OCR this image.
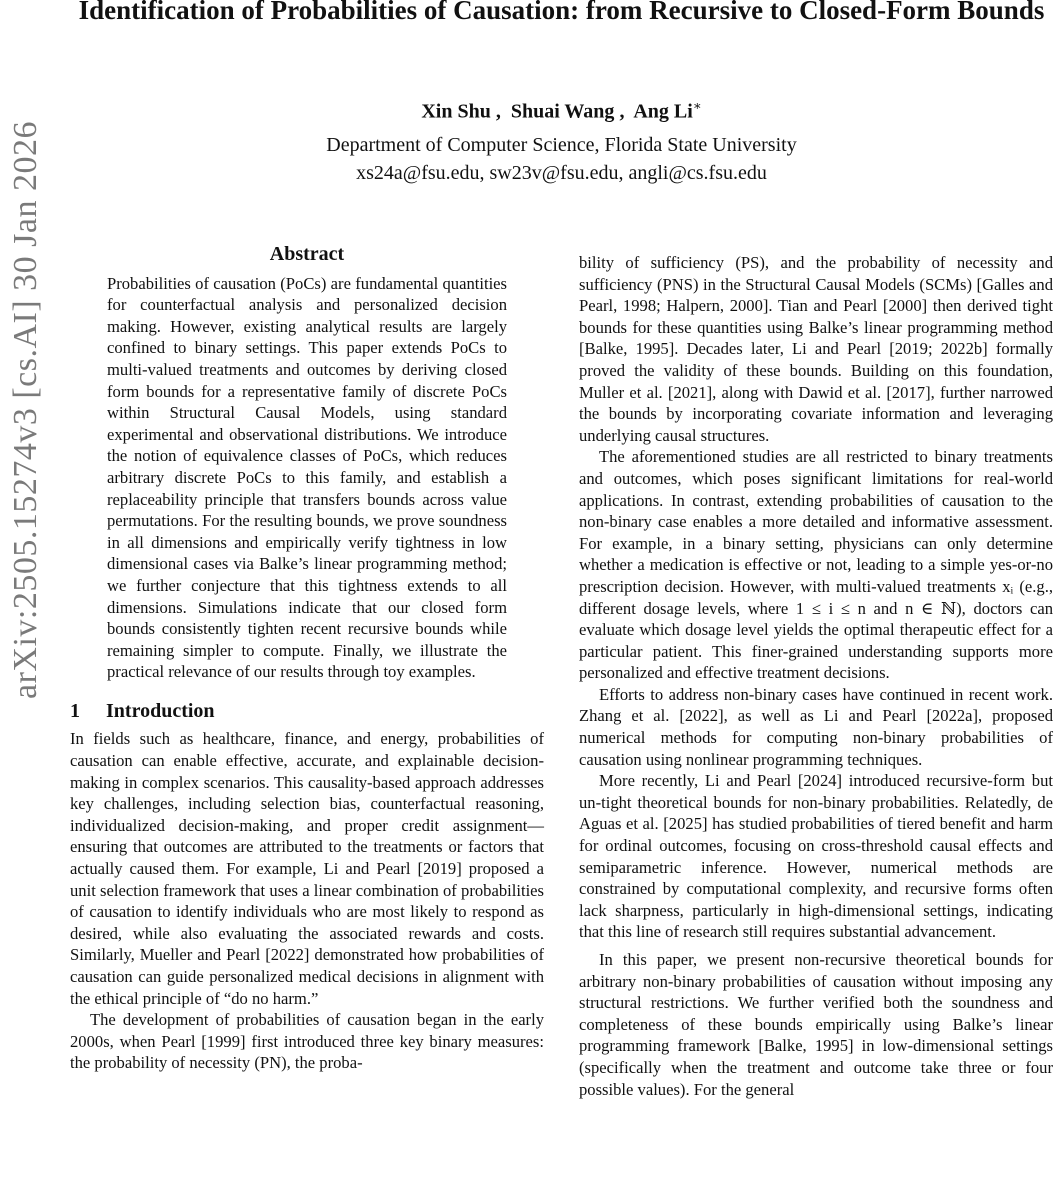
arXiv:2505.15274v3 [cs.AI] 30 Jan 2026
Identification of Probabilities of Causation: from Recursive to Closed-Form Bounds
Xin Shu ,  Shuai Wang ,  Ang Li∗
Department of Computer Science, Florida State University
xs24a@fsu.edu, sw23v@fsu.edu, angli@cs.fsu.edu
Abstract

Probabilities of causation (PoCs) are fundamental quantities for counterfactual analysis and personalized decision making. However, existing analytical results are largely confined to binary settings. This paper extends PoCs to multi-valued treatments and outcomes by deriving closed form bounds for a representative family of discrete PoCs within Structural Causal Models, using standard experimental and observational distributions. We introduce the notion of equivalence classes of PoCs, which reduces arbitrary discrete PoCs to this family, and establish a replaceability principle that transfers bounds across value permutations. For the resulting bounds, we prove soundness in all dimensions and empirically verify tightness in low dimensional cases via Balke’s linear programming method; we further conjecture that this tightness extends to all dimensions. Simulations indicate that our closed form bounds consistently tighten recent recursive bounds while remaining simpler to compute. Finally, we illustrate the practical relevance of our results through toy examples.

1 Introduction

In fields such as healthcare, finance, and energy, probabilities of causation can enable effective, accurate, and explainable decision-making in complex scenarios. This causality-based approach addresses key challenges, including selection bias, counterfactual reasoning, individualized decision-making, and proper credit assignment—ensuring that outcomes are attributed to the treatments or factors that actually caused them. For example, Li and Pearl [2019] proposed a unit selection framework that uses a linear combination of probabilities of causation to identify individuals who are most likely to respond as desired, while also evaluating the associated rewards and costs. Similarly, Mueller and Pearl [2022] demonstrated how probabilities of causation can guide personalized medical decisions in alignment with the ethical principle of “do no harm.”

The development of probabilities of causation began in the early 2000s, when Pearl [1999] first introduced three key binary measures: the probability of necessity (PN), the proba-

bility of sufficiency (PS), and the probability of necessity and sufficiency (PNS) in the Structural Causal Models (SCMs) [Galles and Pearl, 1998; Halpern, 2000]. Tian and Pearl [2000] then derived tight bounds for these quantities using Balke’s linear programming method [Balke, 1995]. Decades later, Li and Pearl [2019; 2022b] formally proved the validity of these bounds. Building on this foundation, Muller et al. [2021], along with Dawid et al. [2017], further narrowed the bounds by incorporating covariate information and leveraging underlying causal structures.

The aforementioned studies are all restricted to binary treatments and outcomes, which poses significant limitations for real-world applications. In contrast, extending probabilities of causation to the non-binary case enables a more detailed and informative assessment. For example, in a binary setting, physicians can only determine whether a medication is effective or not, leading to a simple yes-or-no prescription decision. However, with multi-valued treatments xᵢ (e.g., different dosage levels, where 1 ≤ i ≤ n and n ∈ ℕ), doctors can evaluate which dosage level yields the optimal therapeutic effect for a particular patient. This finer-grained understanding supports more personalized and effective treatment decisions.

Efforts to address non-binary cases have continued in recent work. Zhang et al. [2022], as well as Li and Pearl [2022a], proposed numerical methods for computing non-binary probabilities of causation using nonlinear programming techniques.

More recently, Li and Pearl [2024] introduced recursive-form but un-tight theoretical bounds for non-binary probabilities. Relatedly, de Aguas et al. [2025] has studied probabilities of tiered benefit and harm for ordinal outcomes, focusing on cross-threshold causal effects and semiparametric inference. However, numerical methods are constrained by computational complexity, and recursive forms often lack sharpness, particularly in high-dimensional settings, indicating that this line of research still requires substantial advancement.

In this paper, we present non-recursive theoretical bounds for arbitrary non-binary probabilities of causation without imposing any structural restrictions. We further verified both the soundness and completeness of these bounds empirically using Balke’s linear programming framework [Balke, 1995] in low-dimensional settings (specifically when the treatment and outcome take three or four possible values). For the general
